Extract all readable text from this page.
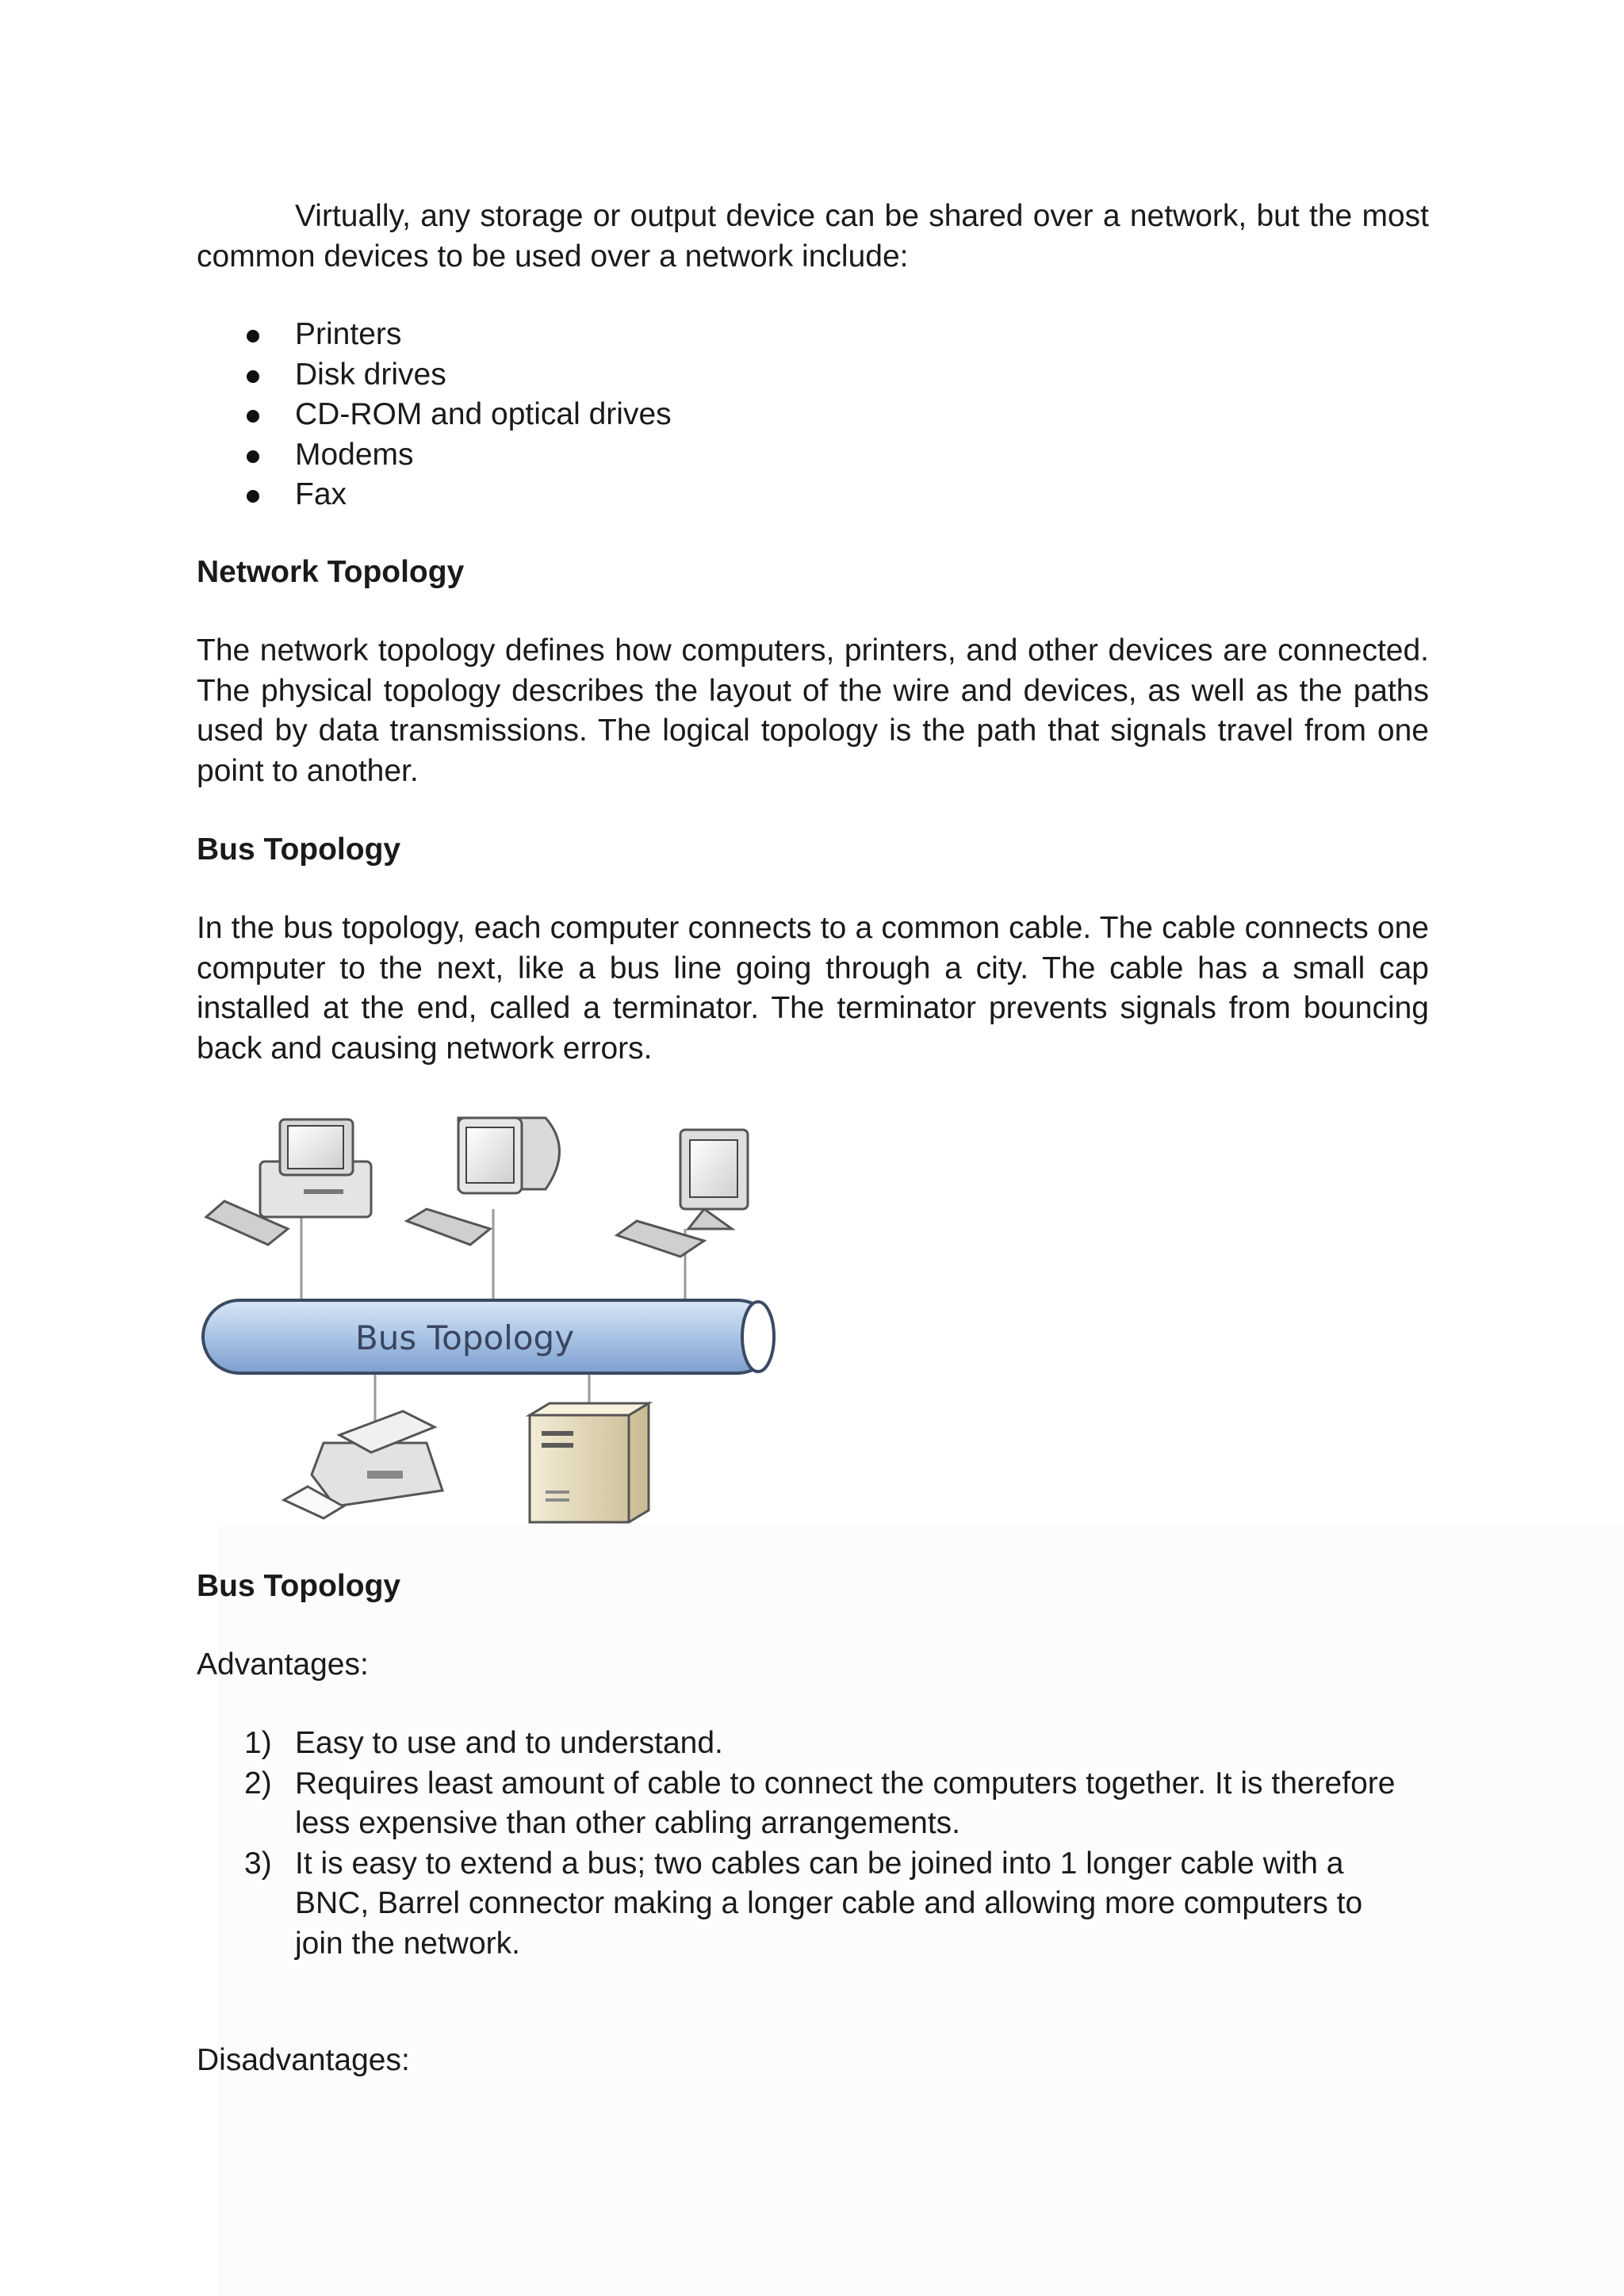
Virtually, any storage or output device can be shared over a network, but the most common devices to be used over a network include:

Printers
Disk drives
CD-ROM and optical drives
Modems
Fax

Network Topology

The network topology defines how computers, printers, and other devices are connected. The physical topology describes the layout of the wire and devices, as well as the paths used by data transmissions. The logical topology is the path that signals travel from one point to another.

Bus Topology

In the bus topology, each computer connects to a common cable. The cable connects one computer to the next, like a bus line going through a city. The cable has a small cap installed at the end, called a terminator. The terminator prevents signals from bouncing back and causing network errors.

Bus Topology

Advantages:

1) Easy to use and to understand.
2) Requires least amount of cable to connect the computers together. It is therefore less expensive than other cabling arrangements.
3) It is easy to extend a bus; two cables can be joined into 1 longer cable with a BNC, Barrel connector making a longer cable and allowing more computers to join the network.

Disadvantages:

Bus Topology
